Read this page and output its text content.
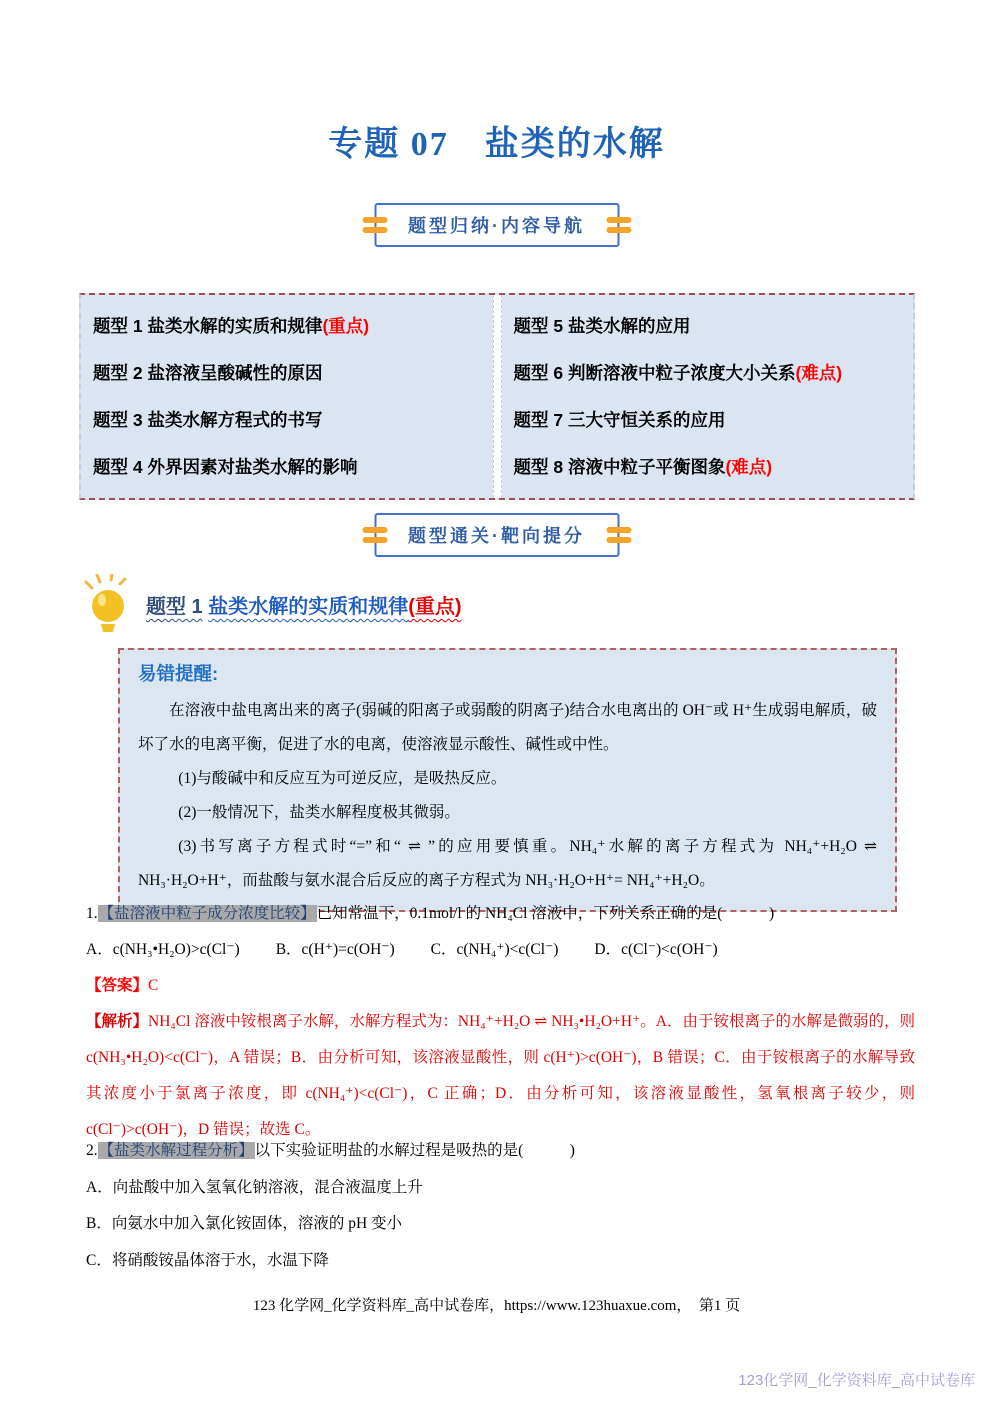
专题 07　盐类的水解
题型归纳·内容导航
题型 1 盐类水解的实质和规律(重点)
题型 2 盐溶液呈酸碱性的原因
题型 3 盐类水解方程式的书写
题型 4 外界因素对盐类水解的影响
题型 5 盐类水解的应用
题型 6 判断溶液中粒子浓度大小关系(难点)
题型 7 三大守恒关系的应用
题型 8 溶液中粒子平衡图象(难点)
题型通关·靶向提分
题型 1 盐类水解的实质和规律(重点)
易错提醒:

在溶液中盐电离出来的离子(弱碱的阳离子或弱酸的阴离子)结合水电离出的 OH⁻或 H⁺生成弱电解质，破坏了水的电离平衡，促进了水的电离，使溶液显示酸性、碱性或中性。

(1)与酸碱中和反应互为可逆反应，是吸热反应。

(2)一般情况下，盐类水解程度极其微弱。

(3)书写离子方程式时“=”和“ ⇌ ”的应用要慎重。NH₄⁺水解的离子方程式为 NH₄⁺+H₂O ⇌ NH₃·H₂O+H⁺，而盐酸与氨水混合后反应的离子方程式为 NH₃·H₂O+H⁺= NH₄⁺+H₂O。

1.【盐溶液中粒子成分浓度比较】已知常温下，0.1mol/l 的 NH₄Cl 溶液中，下列关系正确的是(　　　)

A．c(NH₃•H₂O)>c(Cl⁻) B．c(H⁺)=c(OH⁻) C．c(NH₄⁺)<c(Cl⁻) D．c(Cl⁻)<c(OH⁻)

【答案】C

【解析】NH₄Cl 溶液中铵根离子水解，水解方程式为：NH₄⁺+H₂O ⇌ NH₃•H₂O+H⁺。A．由于铵根离子的水解是微弱的，则 c(NH₃•H₂O)<c(Cl⁻)，A 错误；B．由分析可知，该溶液显酸性，则 c(H⁺)>c(OH⁻)，B 错误；C．由于铵根离子的水解导致其浓度小于氯离子浓度，即 c(NH₄⁺)<c(Cl⁻)，C 正确；D．由分析可知，该溶液显酸性，氢氧根离子较少，则 c(Cl⁻)>c(OH⁻)，D 错误；故选 C。

2.【盐类水解过程分析】以下实验证明盐的水解过程是吸热的是(　　　)

A．向盐酸中加入氢氧化钠溶液，混合液温度上升

B．向氨水中加入氯化铵固体，溶液的 pH 变小

C．将硝酸铵晶体溶于水，水温下降

123 化学网_化学资料库_高中试卷库，https://www.123huaxue.com，　第1 页
123化学网_化学资料库_高中试卷库
